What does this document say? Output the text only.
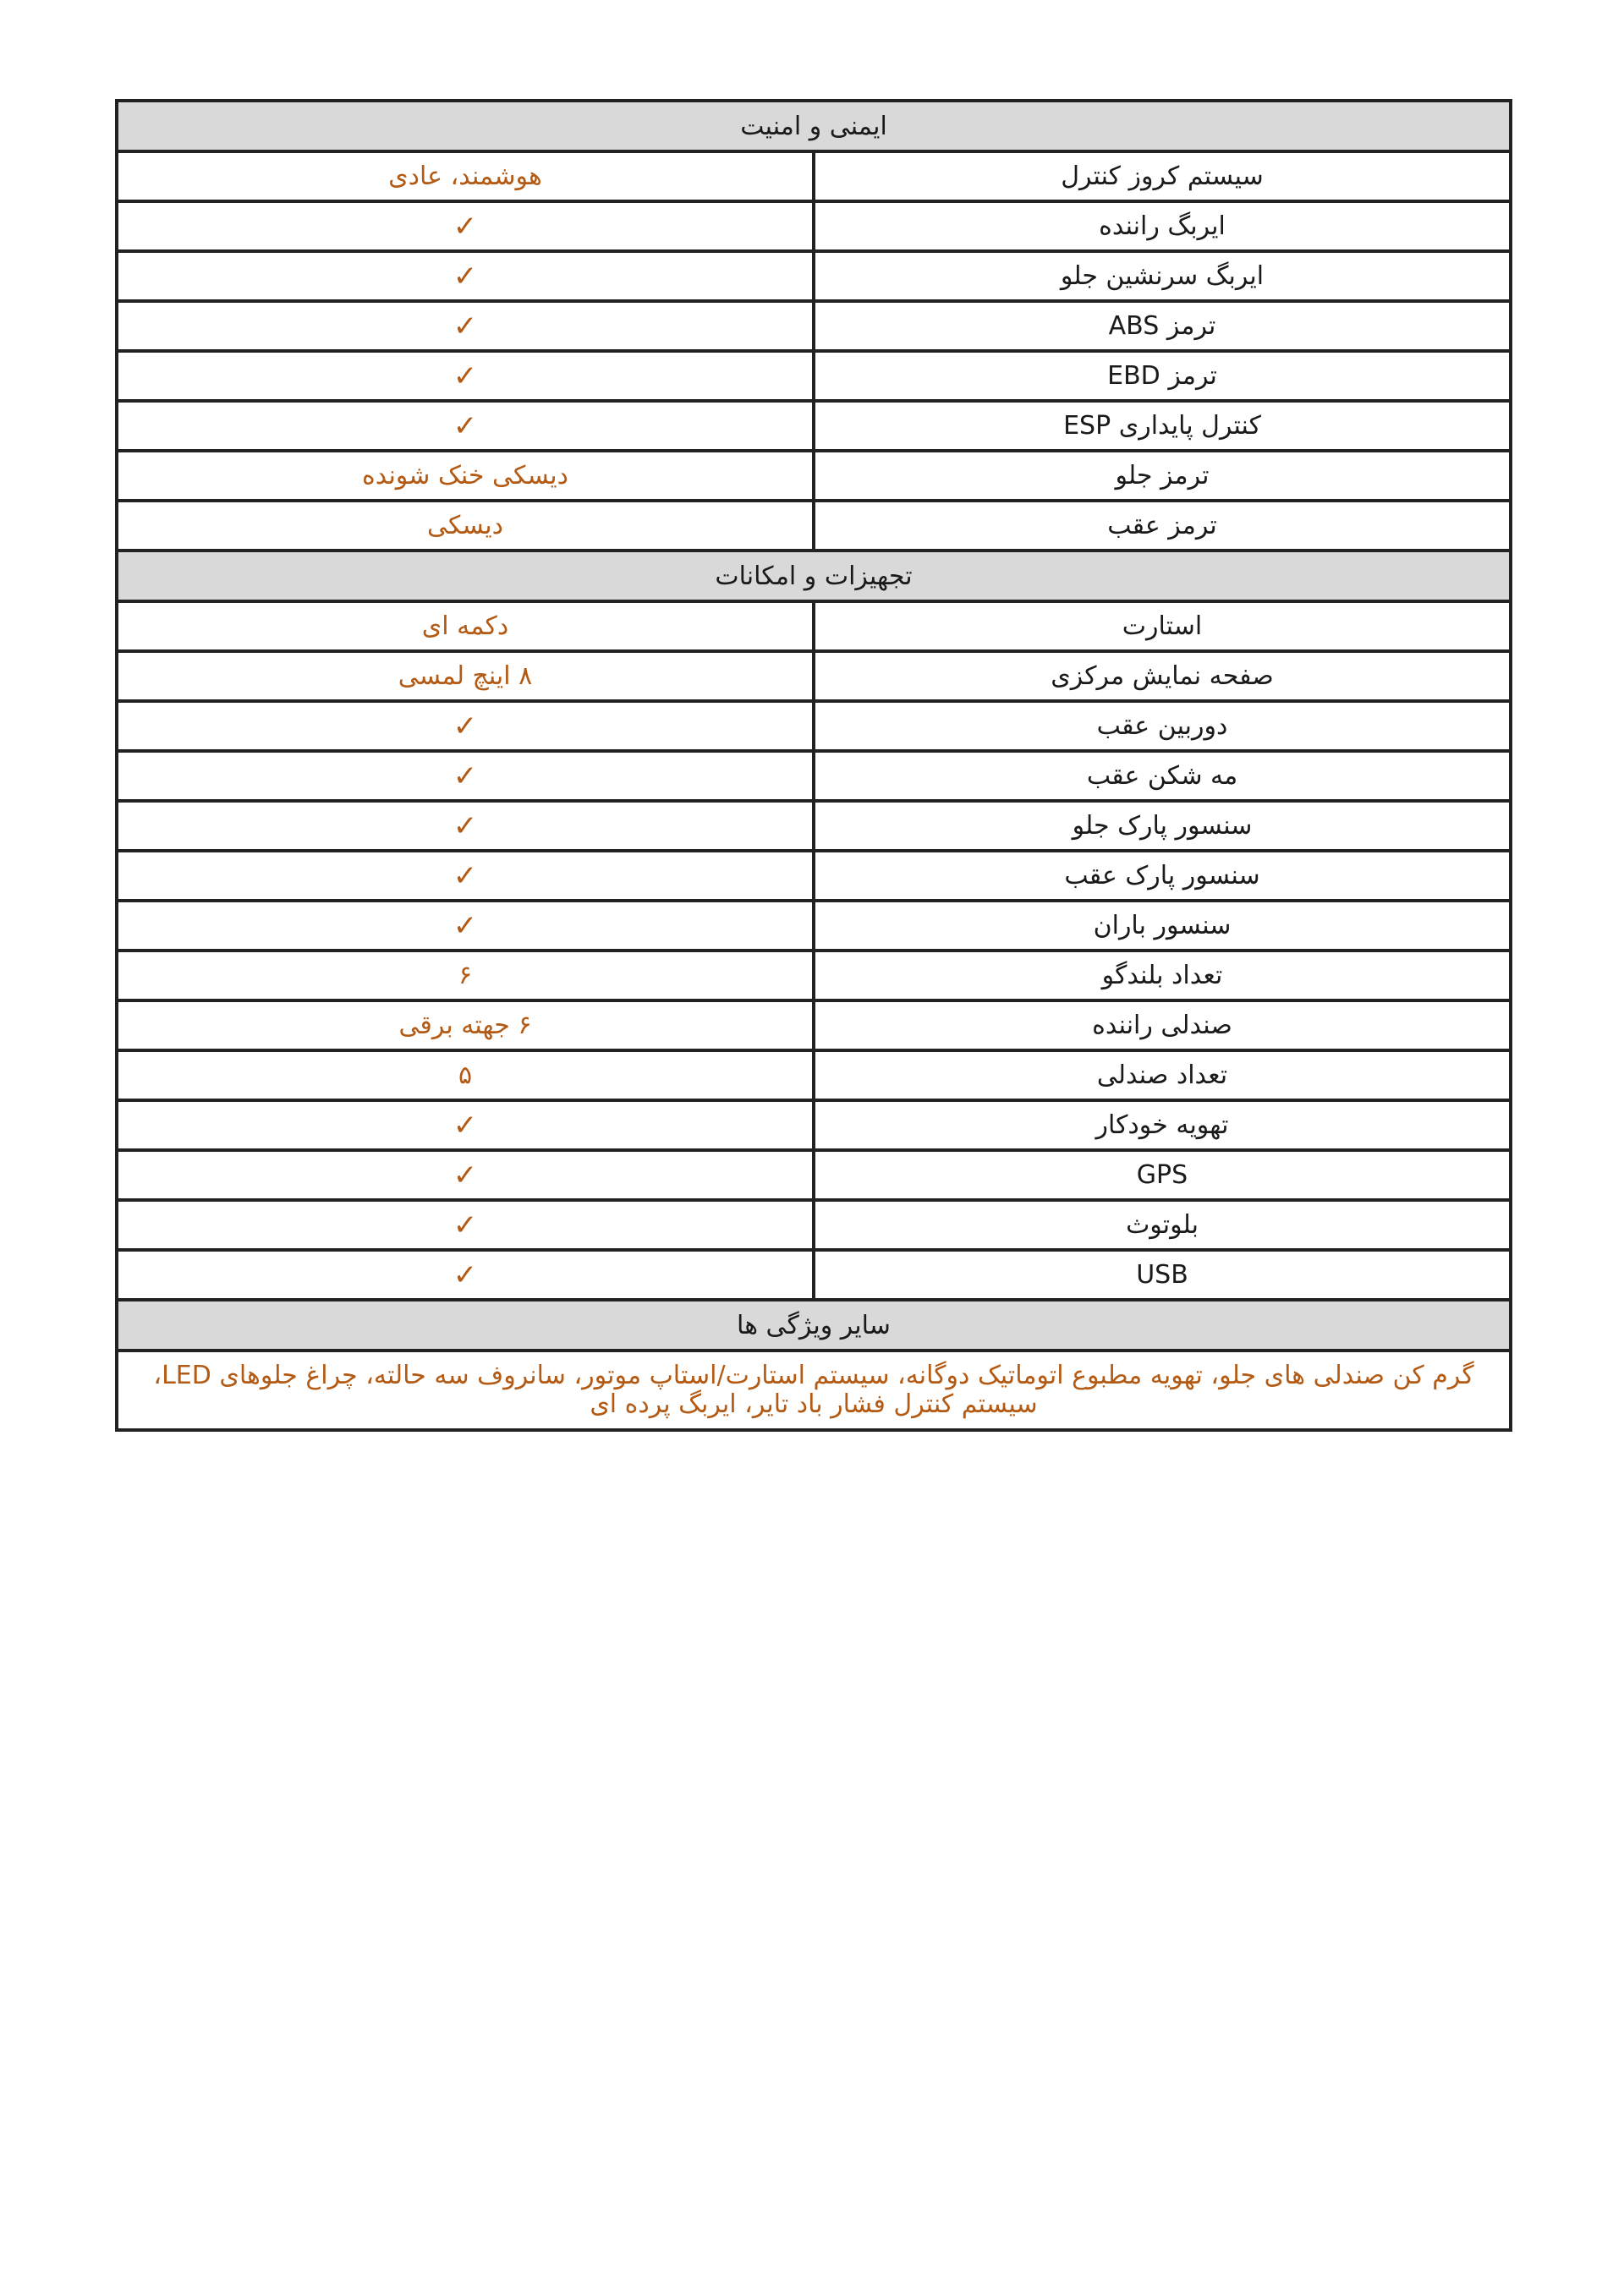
ایمنی و امنیت	
سیستم کروز کنترل	هوشمند، عادی
ایربگ راننده	✓
ایربگ سرنشین جلو	✓
ترمز ABS	✓
ترمز EBD	✓
کنترل پایداری ESP	✓
ترمز جلو	دیسکی خنک شونده
ترمز عقب	دیسکی
تجهیزات و امکانات	
استارت	دکمه ای
صفحه نمایش مرکزی	۸ اینچ لمسی
دوربین عقب	✓
مه شکن عقب	✓
سنسور پارک جلو	✓
سنسور پارک عقب	✓
سنسور باران	✓
تعداد بلندگو	۶
صندلی راننده	۶ جهته برقی
تعداد صندلی	۵
تهویه خودکار	✓
GPS	✓
بلوتوث	✓
USB	✓
سایر ویژگی ها	
گرم کن صندلی های جلو، تهویه مطبوع اتوماتیک دوگانه، سیستم استارت/استاپ موتور، سانروف سه حالته، چراغ جلوهای LED، سیستم کنترل فشار باد تایر، ایربگ پرده ای	
